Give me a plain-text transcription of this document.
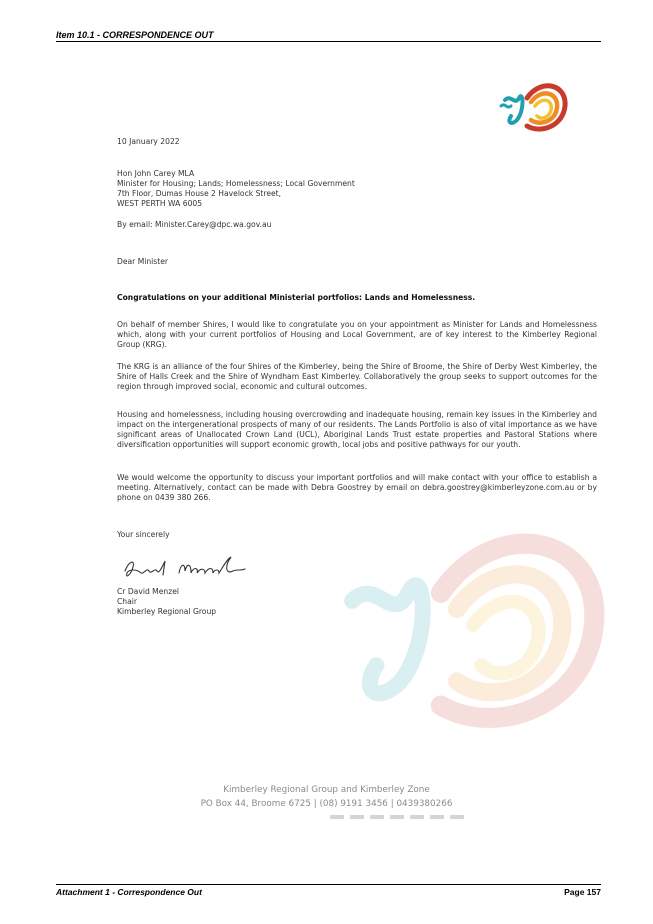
Item 10.1 - CORRESPONDENCE OUT

10 January 2022

Hon John Carey MLA

Minister for Housing; Lands; Homelessness; Local Government

7th Floor, Dumas House 2 Havelock Street,

WEST PERTH WA 6005

By email: Minister.Carey@dpc.wa.gov.au

Dear Minister

Congratulations on your additional Ministerial portfolios: Lands and Homelessness.

On behalf of member Shires, I would like to congratulate you on your appointment as Minister for Lands and Homelessness which, along with your current portfolios of Housing and Local Government, are of key interest to the Kimberley Regional Group (KRG).

The KRG is an alliance of the four Shires of the Kimberley, being the Shire of Broome, the Shire of Derby West Kimberley, the Shire of Halls Creek and the Shire of Wyndham East Kimberley. Collaboratively the group seeks to support outcomes for the region through improved social, economic and cultural outcomes.

Housing and homelessness, including housing overcrowding and inadequate housing, remain key issues in the Kimberley and impact on the intergenerational prospects of many of our residents. The Lands Portfolio is also of vital importance as we have significant areas of Unallocated Crown Land (UCL), Aboriginal Lands Trust estate properties and Pastoral Stations where diversification opportunities will support economic growth, local jobs and positive pathways for our youth.

We would welcome the opportunity to discuss your important portfolios and will make contact with your office to establish a meeting. Alternatively, contact can be made with Debra Goostrey by email on debra.goostrey@kimberleyzone.com.au or by phone on 0439 380 266.

Your sincerely

Cr David Menzel

Chair

Kimberley Regional Group

Kimberley Regional Group and Kimberley Zone
PO Box 44, Broome 6725 | (08) 9191 3456 | 0439380266
Attachment 1 - Correspondence Out	Page 157
